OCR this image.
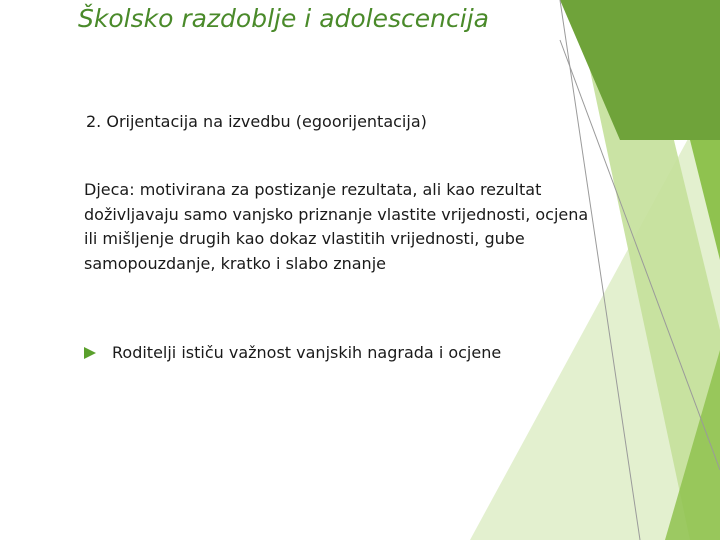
Školsko razdoblje i adolescencija

2. Orijentacija na izvedbu (egoorijentacija)

Djeca: motivirana za postizanje rezultata, ali kao rezultat doživljavaju samo vanjsko priznanje vlastite vrijednosti, ocjena ili mišljenje drugih kao dokaz vlastitih vrijednosti, gube samopouzdanje, kratko i slabo znanje

Roditelji ističu važnost vanjskih nagrada i ocjene
